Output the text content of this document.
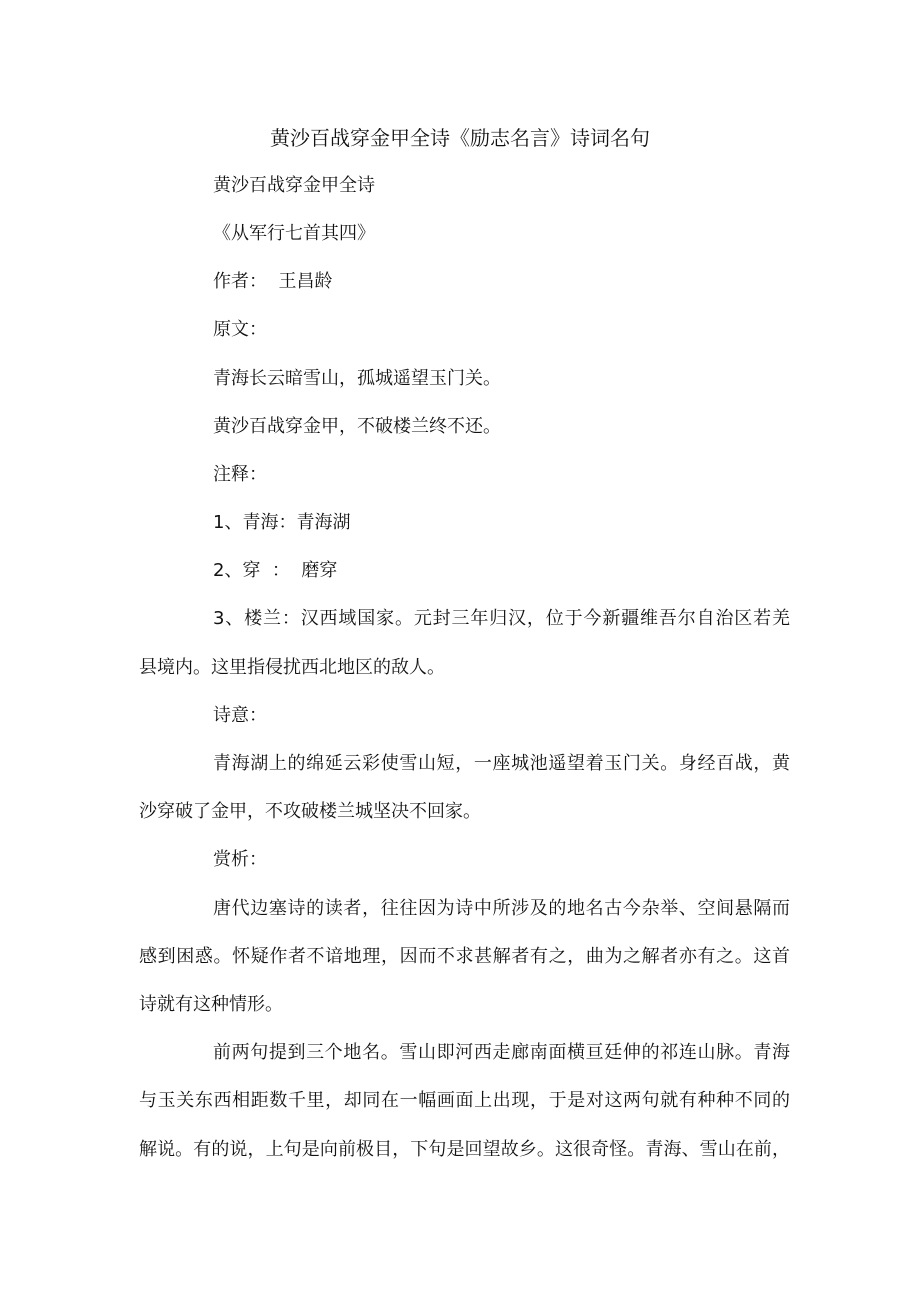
黄沙百战穿金甲全诗《励志名言》诗词名句
黄沙百战穿金甲全诗
《从军行七首其四》
作者：  王昌龄
原文：
青海长云暗雪山，孤城遥望玉门关。
黄沙百战穿金甲，不破楼兰终不还。
注释：
1、青海：青海湖
2、穿  ：  磨穿
3、楼兰：汉西域国家。元封三年归汉，位于今新疆维吾尔自治区若羌
县境内。这里指侵扰西北地区的敌人。
诗意：
青海湖上的绵延云彩使雪山短，一座城池遥望着玉门关。身经百战，黄
沙穿破了金甲，不攻破楼兰城坚决不回家。
赏析：
唐代边塞诗的读者，往往因为诗中所涉及的地名古今杂举、空间悬隔而
感到困惑。怀疑作者不谙地理，因而不求甚解者有之，曲为之解者亦有之。这首
诗就有这种情形。
前两句提到三个地名。雪山即河西走廊南面横亘廷伸的祁连山脉。青海
与玉关东西相距数千里，却同在一幅画面上出现，于是对这两句就有种种不同的
解说。有的说，上句是向前极目，下句是回望故乡。这很奇怪。青海、雪山在前，
